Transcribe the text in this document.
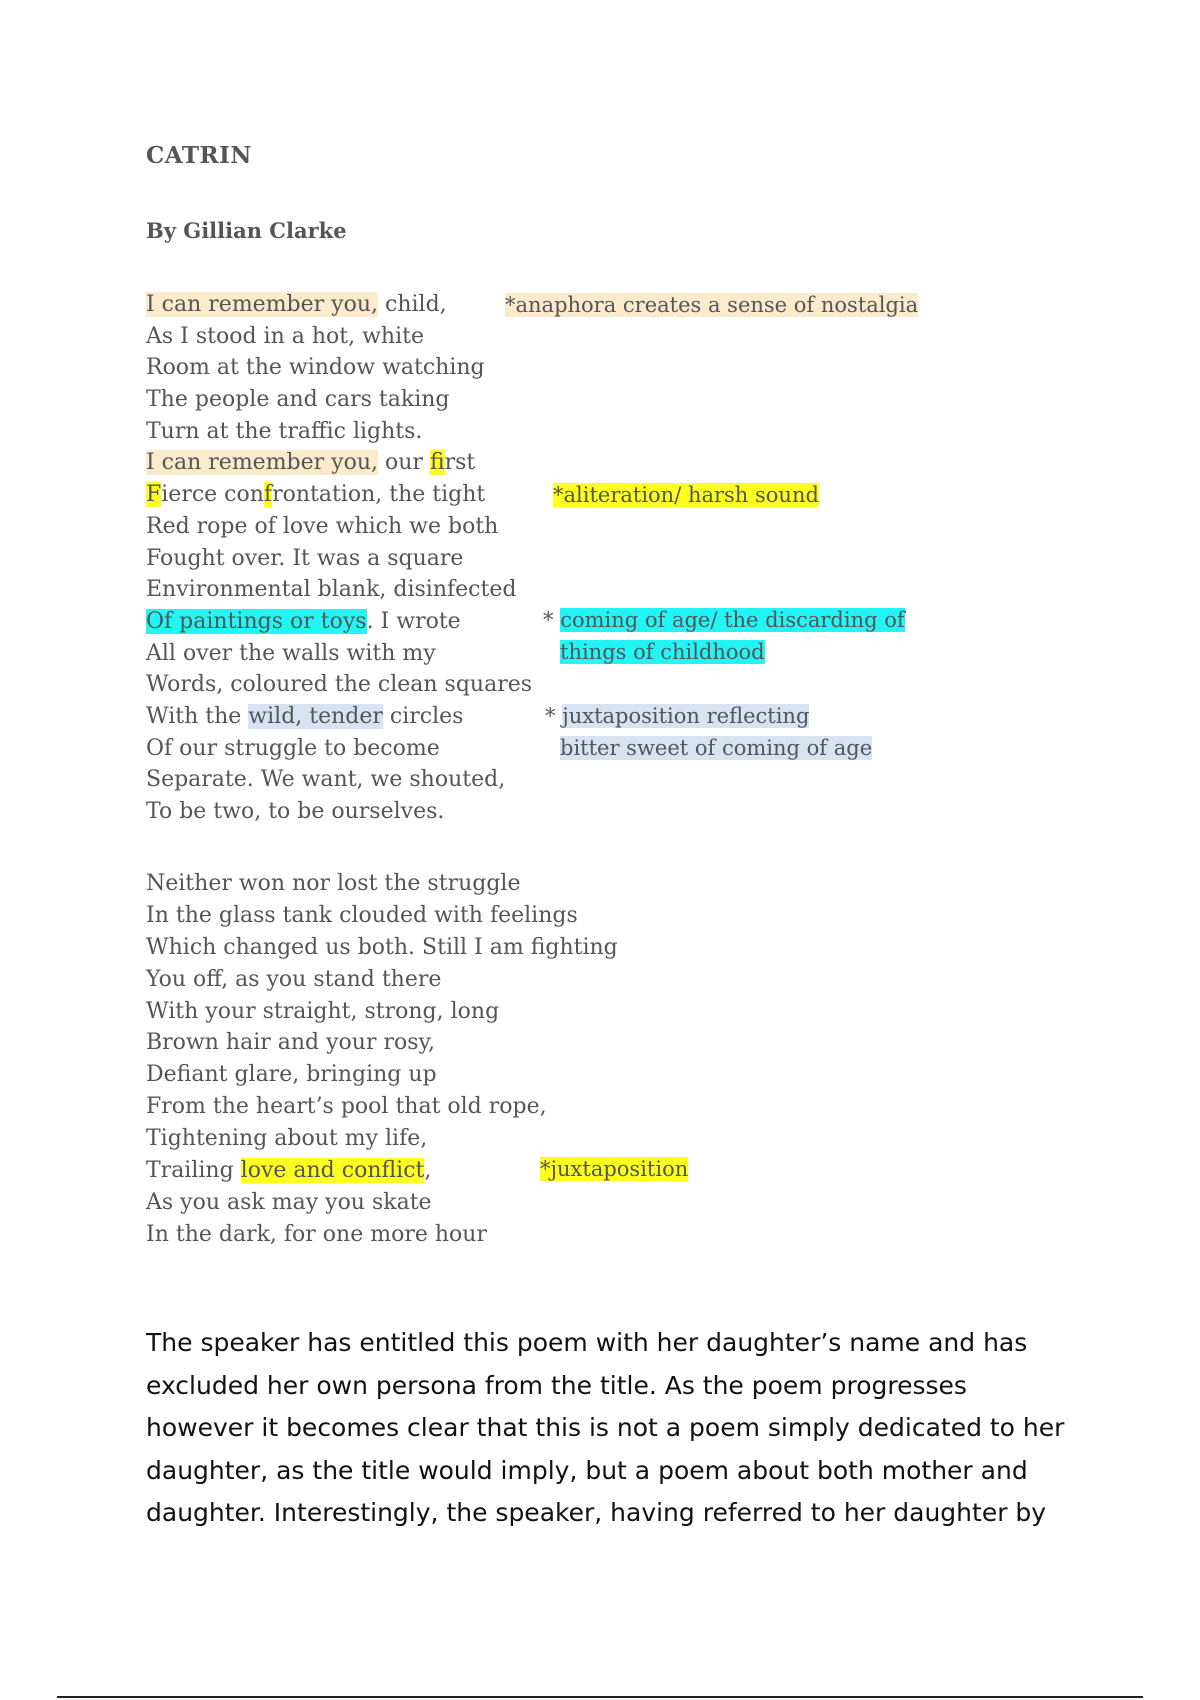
CATRIN
By Gillian Clarke
I can remember you, child,
As I stood in a hot, white
Room at the window watching
The people and cars taking
Turn at the traffic lights.
I can remember you, our first
Fierce confrontation, the tight
Red rope of love which we both
Fought over. It was a square
Environmental blank, disinfected
Of paintings or toys. I wrote
All over the walls with my
Words, coloured the clean squares
With the wild, tender circles
Of our struggle to become
Separate. We want, we shouted,
To be two, to be ourselves.
Neither won nor lost the struggle
In the glass tank clouded with feelings
Which changed us both. Still I am fighting
You off, as you stand there
With your straight, strong, long
Brown hair and your rosy,
Defiant glare, bringing up
From the heart’s pool that old rope,
Tightening about my life,
Trailing love and conflict,
As you ask may you skate
In the dark, for one more hour
*anaphora creates a sense of nostalgia
*aliteration/ harsh sound
* coming of age/ the discarding of
things of childhood
* juxtaposition reflecting
bitter sweet of coming of age
*juxtaposition
The speaker has entitled this poem with her daughter’s name and has
excluded her own persona from the title. As the poem progresses
however it becomes clear that this is not a poem simply dedicated to her
daughter, as the title would imply, but a poem about both mother and
daughter. Interestingly, the speaker, having referred to her daughter by
